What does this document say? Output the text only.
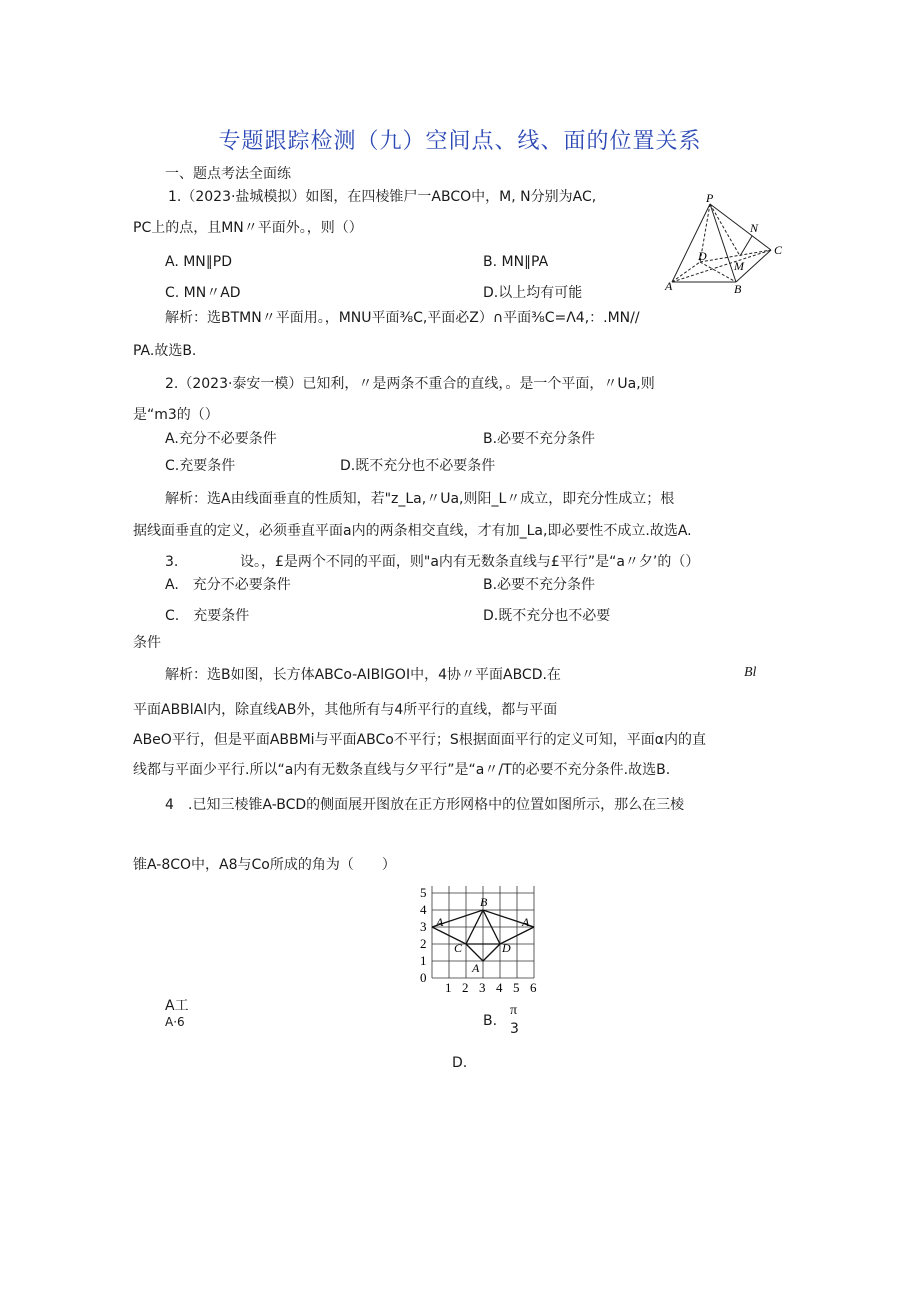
专题跟踪检测（九）空间点、线、面的位置关系
一、题点考法全面练
1.（2023·盐城模拟）如图，在四棱锥尸一ABCO中，M, N分别为AC,
PC上的点，且MN〃平面外。，则（）
A. MN∥PD	B. MN∥PA
C. MN〃AD	D.以上均有可能
解析：选BTMN〃平面用。，MNU平面⅜C,平面必Z）∩平面⅜C=Λ4,：.MN//
PA.故选B.
P
N
C
D
M
A	B
2.（2023·泰安一模）已知利，〃是两条不重合的直线，。是一个平面，〃Ua,则
是“m3的（）
A.充分不必要条件	B.必要不充分条件
C.充要条件	D.既不充分也不必要条件
解析：选A由线面垂直的性质知，若"z_La,〃Ua,则阳_L〃成立，即充分性成立；根
据线面垂直的定义，必须垂直平面a内的两条相交直线，才有加_La,即必要性不成立.故选A.
3.	设。，£是两个不同的平面，则"a内有无数条直线与£平行”是“a〃夕’的（）
A.　充分不必要条件	B.必要不充分条件
C.　充要条件	D.既不充分也不必要
条件
解析：选B如图，长方体ABCo-AIBlGOI中，4协〃平面ABCD.在	Bl
平面ABBlAl内，除直线AB外，其他所有与4所平行的直线，都与平面
ABeO平行，但是平面ABBMi与平面ABCo不平行；S根据面面平行的定义可知，平面α内的直
线都与平面少平行.所以“a内有无数条直线与夕平行”是“a〃/T的必要不充分条件.故选B.
4 .已知三棱锥A-BCD的侧面展开图放在正方形网格中的位置如图所示，那么在三棱
锥A-8CO中，A8与Co所成的角为（　　）
B
A	A
C	D
A
0
1
2
3
4
5
1 2 3 4 5 6
A工
A·6	B.
π
3
D.
